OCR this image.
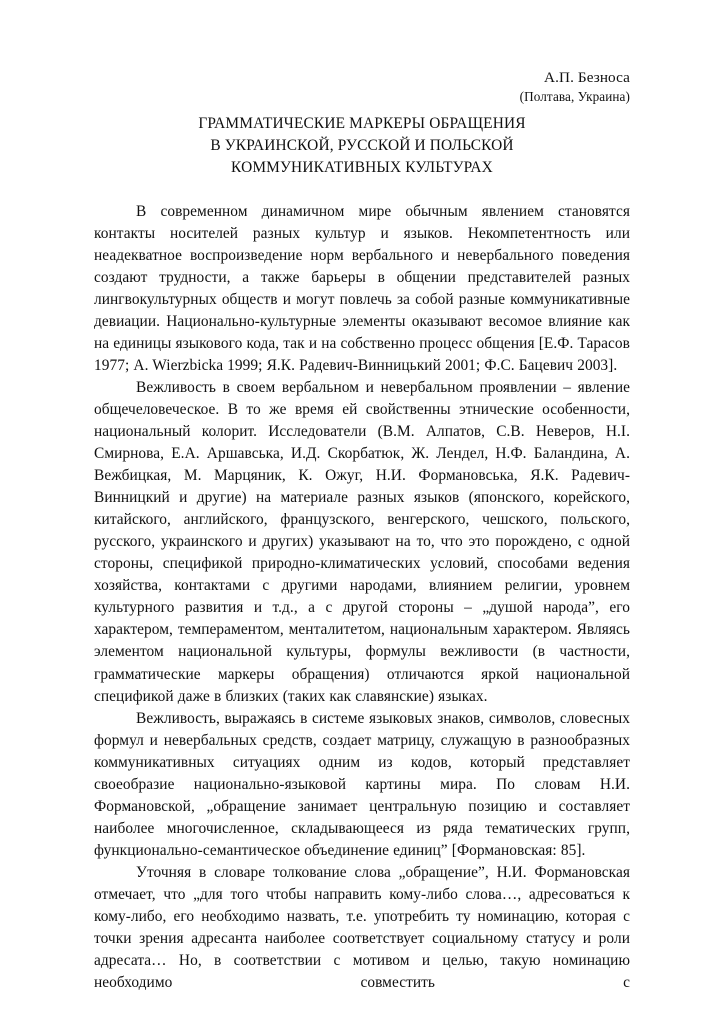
А.П. Безноса
(Полтава, Украина)
ГРАММАТИЧЕСКИЕ МАРКЕРЫ ОБРАЩЕНИЯ
В УКРАИНСКОЙ, РУССКОЙ И ПОЛЬСКОЙ
КОММУНИКАТИВНЫХ КУЛЬТУРАХ

В современном динамичном мире обычным явлением становятся контакты носителей разных культур и языков. Некомпетентность или неадекватное воспроизведение норм вербального и невербального поведения создают трудности, а также барьеры в общении представителей разных лингвокультурных обществ и могут повлечь за собой разные коммуникативные девиации. Национально-культурные элементы оказывают весомое влияние как на единицы языкового кода, так и на собственно процесс общения [Е.Ф. Тарасов 1977; A. Wierzbicka 1999; Я.К. Радевич-Винницький 2001; Ф.С. Бацевич 2003].

Вежливость в своем вербальном и невербальном проявлении – явление общечеловеческое. В то же время ей свойственны этнические особенности, национальный колорит. Исследователи (В.М. Алпатов, С.В. Неверов, Н.І. Смирнова, Е.А. Аршавська, И.Д. Скорбатюк, Ж. Лендел, Н.Ф. Баландина, А. Вежбицкая, М. Марцяник, К. Ожуг, Н.И. Формановська, Я.К. Радевич-Винницкий и другие) на материале разных языков (японского, корейского, китайского, английского, французского, венгерского, чешского, польского, русского, украинского и других) указывают на то, что это порождено, с одной стороны, спецификой природно-климатических условий, способами ведения хозяйства, контактами с другими народами, влиянием религии, уровнем культурного развития и т.д., а с другой стороны – „душой народа”, его характером, темпераментом, менталитетом, национальным характером. Являясь элементом национальной культуры, формулы вежливости (в частности, грамматические маркеры обращения) отличаются яркой национальной спецификой даже в близких (таких как славянские) языках.

Вежливость, выражаясь в системе языковых знаков, символов, словесных формул и невербальных средств, создает матрицу, служащую в разнообразных коммуникативных ситуациях одним из кодов, который представляет своеобразие национально-языковой картины мира. По словам Н.И. Формановской, „обращение занимает центральную позицию и составляет наиболее многочисленное, складывающееся из ряда тематических групп, функционально-семантическое объединение единиц” [Формановская: 85].

Уточняя в словаре толкование слова „обращение”, Н.И. Формановская отмечает, что „для того чтобы направить кому-либо слова…, адресоваться к кому-либо, его необходимо назвать, т.е. употребить ту номинацию, которая с точки зрения адресанта наиболее соответствует социальному статусу и роли адресата… Но, в соответствии с мотивом и целью, такую номинацию необходимо совместить с
